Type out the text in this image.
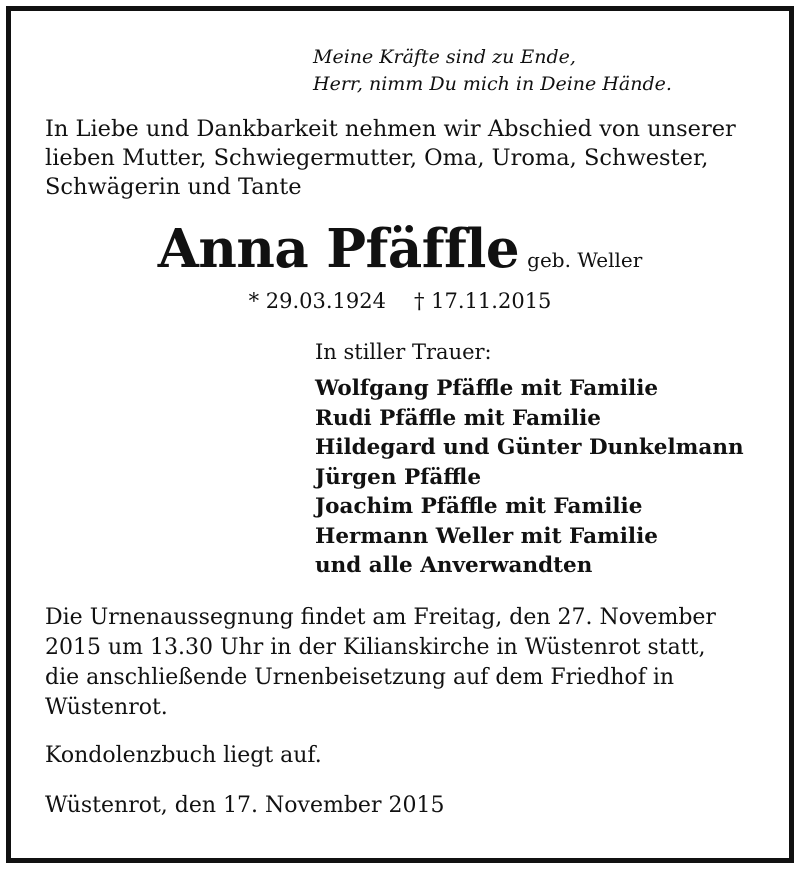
Meine Kräfte sind zu Ende,
Herr, nimm Du mich in Deine Hände.
In Liebe und Dankbarkeit nehmen wir Abschied von unserer
lieben Mutter, Schwiegermutter, Oma, Uroma, Schwester,
Schwägerin und Tante
Anna Pfäffle geb. Weller
* 29.03.1924 † 17.11.2015
In stiller Trauer:
Wolfgang Pfäffle mit Familie
Rudi Pfäffle mit Familie
Hildegard und Günter Dunkelmann
Jürgen Pfäffle
Joachim Pfäffle mit Familie
Hermann Weller mit Familie
und alle Anverwandten
Die Urnenaussegnung findet am Freitag, den 27. November
2015 um 13.30 Uhr in der Kilianskirche in Wüstenrot statt,
die anschließende Urnenbeisetzung auf dem Friedhof in
Wüstenrot.
Kondolenzbuch liegt auf.
Wüstenrot, den 17. November 2015
